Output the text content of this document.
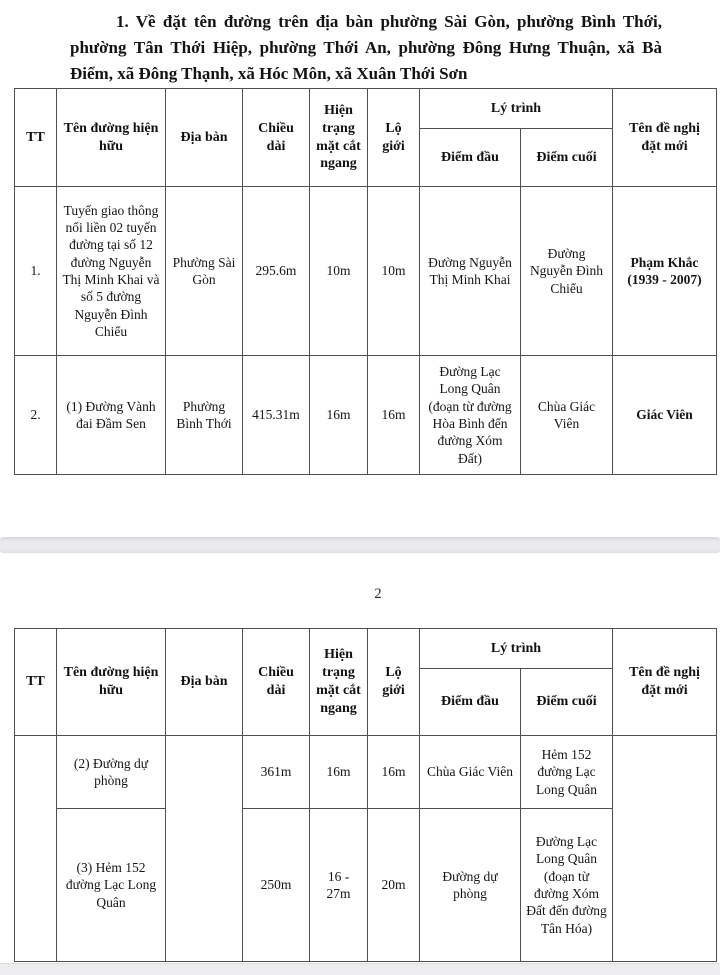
1. Về đặt tên đường trên địa bàn phường Sài Gòn, phường Bình Thới, phường Tân Thới Hiệp, phường Thới An, phường Đông Hưng Thuận, xã Bà Điểm, xã Đông Thạnh, xã Hóc Môn, xã Xuân Thới Sơn
TT	Tên đường hiện hữu	Địa bàn	Chiều dài	Hiện trạng mặt cắt ngang	Lộ giới	Lý trình		Tên đề nghị đặt mới
						Điểm đầu	Điểm cuối	
1.	Tuyến giao thông nối liền 02 tuyến đường tại số 12 đường Nguyễn Thị Minh Khai và số 5 đường Nguyễn Đình Chiểu	Phường Sài Gòn	295.6m	10m	10m	Đường Nguyễn Thị Minh Khai	Đường Nguyễn Đình Chiểu	Phạm Khắc (1939 - 2007)
2.	(1) Đường Vành đai Đầm Sen	Phường Bình Thới	415.31m	16m	16m	Đường Lạc Long Quân (đoạn từ đường Hòa Bình đến đường Xóm Đất)	Chùa Giác Viên	Giác Viên
2
TT	Tên đường hiện hữu	Địa bàn	Chiều dài	Hiện trạng mặt cắt ngang	Lộ giới	Lý trình		Tên đề nghị đặt mới
						Điểm đầu	Điểm cuối	
	(2) Đường dự phòng		361m	16m	16m	Chùa Giác Viên	Hẻm 152 đường Lạc Long Quân	
	(3) Hẻm 152 đường Lạc Long Quân		250m	16 - 27m	20m	Đường dự phòng	Đường Lạc Long Quân (đoạn từ đường Xóm Đất đến đường Tân Hóa)	
